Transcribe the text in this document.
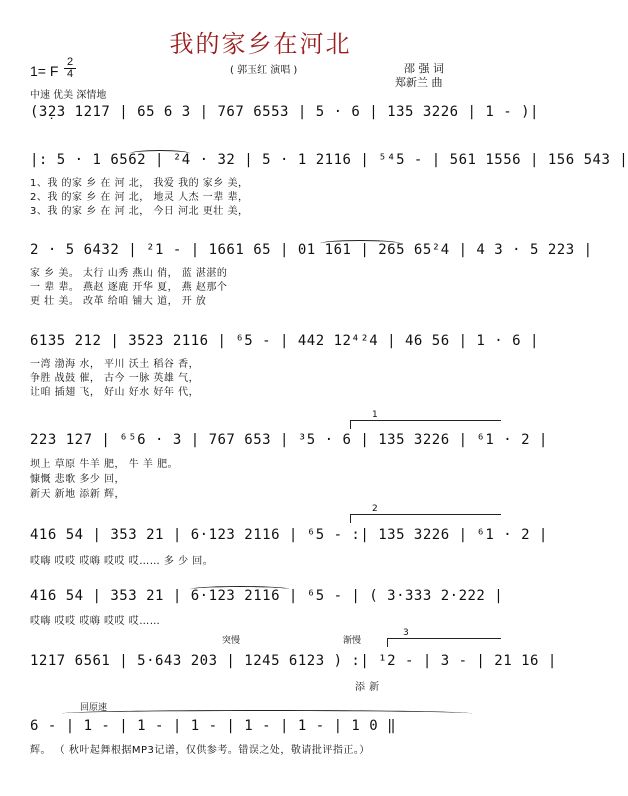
我的家乡在河北
( 郭玉红 演唱 )
1= F
2
4
中速 优美 深情地
邵 强 词
郑新兰 曲
(3̣23 1217 | 65 6 3 | 767 6553 | 5 · 6 | 135 3226 | 1 - )|
|: 5 · 1 6562 | ²4 · 32 | 5 · 1 2116 | ⁵⁴5 - | 561 1556 | 156 543 |
1、我 的家 乡 在 河 北， 我爱 我的 家乡 美，
2、我 的家 乡 在 河 北， 地灵 人杰 一辈 辈，
3、我 的家 乡 在 河 北， 今日 河北 更壮 美，
2 · 5 6432 | ²1 - | 1661 65 | 01 161 | 265 65²4 | 4 3 · 5 223 |
家 乡 美。 太行 山秀 燕山 俏， 蓝 湛湛的
一 辈 辈。 燕赵 逐鹿 开华 夏， 燕 赵那个
更 壮 美。 改革 给咱 铺大 道， 开 放
6135 212 | 3523 2116 | ⁶5 - | 442 12⁴²4 | 46 56 | 1 · 6 |
一湾 渤海 水， 平川 沃土 稻谷 香，
争胜 战鼓 催， 古今 一脉 英雄 气，
让咱 插翅 飞， 好山 好水 好年 代，
1
223 127 | ⁶⁵6 · 3 | 767 653 | ³5 · 6 | 135 3226 | ⁶1 · 2 |
坝上 草原 牛羊 肥， 牛 羊 肥。
慷慨 悲歌 多少 回，
新天 新地 添新 辉，
2
416 54 | 353 21 | 6·123 2116 | ⁶5 - :| 135 3226 | ⁶1 · 2 |
哎嗨 哎哎 哎嗨 哎哎 哎…… 多 少 回。
416 54 | 353 21 | 6·123 2116 | ⁶5 - | ( 3·333 2·222 |
哎嗨 哎哎 哎嗨 哎哎 哎……
突慢	渐慢
3
1217 6561 | 5·643 203 | 1245 6123 ) :| ¹2 - | 3 - | 21 16 |
添 新
回原速
6 - | 1 - | 1 - | 1 - | 1 - | 1 - | 1 0 ‖
辉。 （ 秋叶起舞根据MP3记谱，仅供参考。错误之处，敬请批评指正。）
